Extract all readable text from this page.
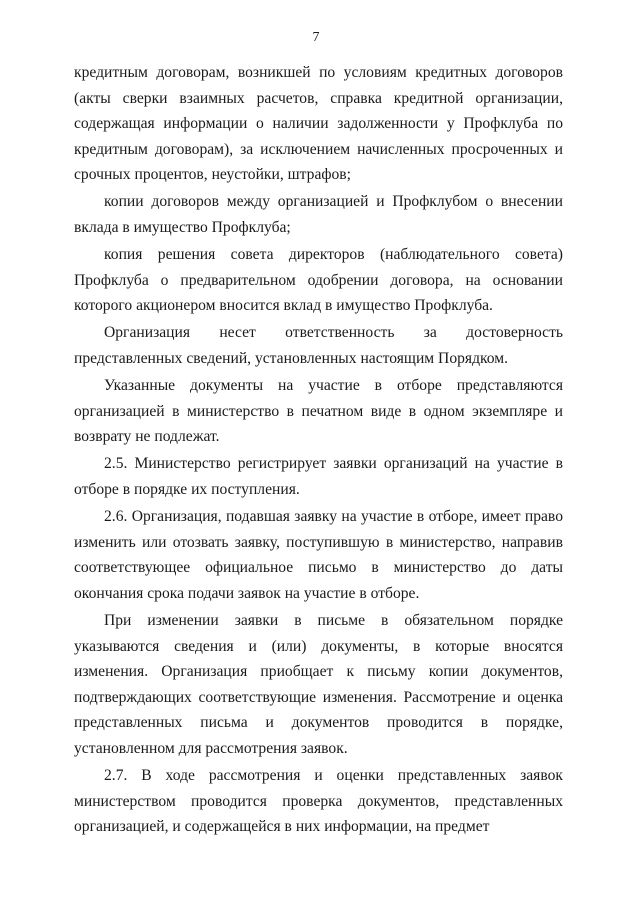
7

кредитным договорам, возникшей по условиям кредитных договоров (акты сверки взаимных расчетов, справка кредитной организации, содержащая информации о наличии задолженности у Профклуба по кредитным договорам), за исключением начисленных просроченных и срочных процентов, неустойки, штрафов;

копии договоров между организацией и Профклубом о внесении вклада в имущество Профклуба;

копия решения совета директоров (наблюдательного совета) Профклуба о предварительном одобрении договора, на основании которого акционером вносится вклад в имущество Профклуба.

Организация несет ответственность за достоверность представленных сведений, установленных настоящим Порядком.

Указанные документы на участие в отборе представляются организацией в министерство в печатном виде в одном экземпляре и возврату не подлежат.

2.5. Министерство регистрирует заявки организаций на участие в отборе в порядке их поступления.

2.6. Организация, подавшая заявку на участие в отборе, имеет право изменить или отозвать заявку, поступившую в министерство, направив соответствующее официальное письмо в министерство до даты окончания срока подачи заявок на участие в отборе.

При изменении заявки в письме в обязательном порядке указываются сведения и (или) документы, в которые вносятся изменения. Организация приобщает к письму копии документов, подтверждающих соответствующие изменения. Рассмотрение и оценка представленных письма и документов проводится в порядке, установленном для рассмотрения заявок.

2.7. В ходе рассмотрения и оценки представленных заявок министерством проводится проверка документов, представленных организацией, и содержащейся в них информации, на предмет
